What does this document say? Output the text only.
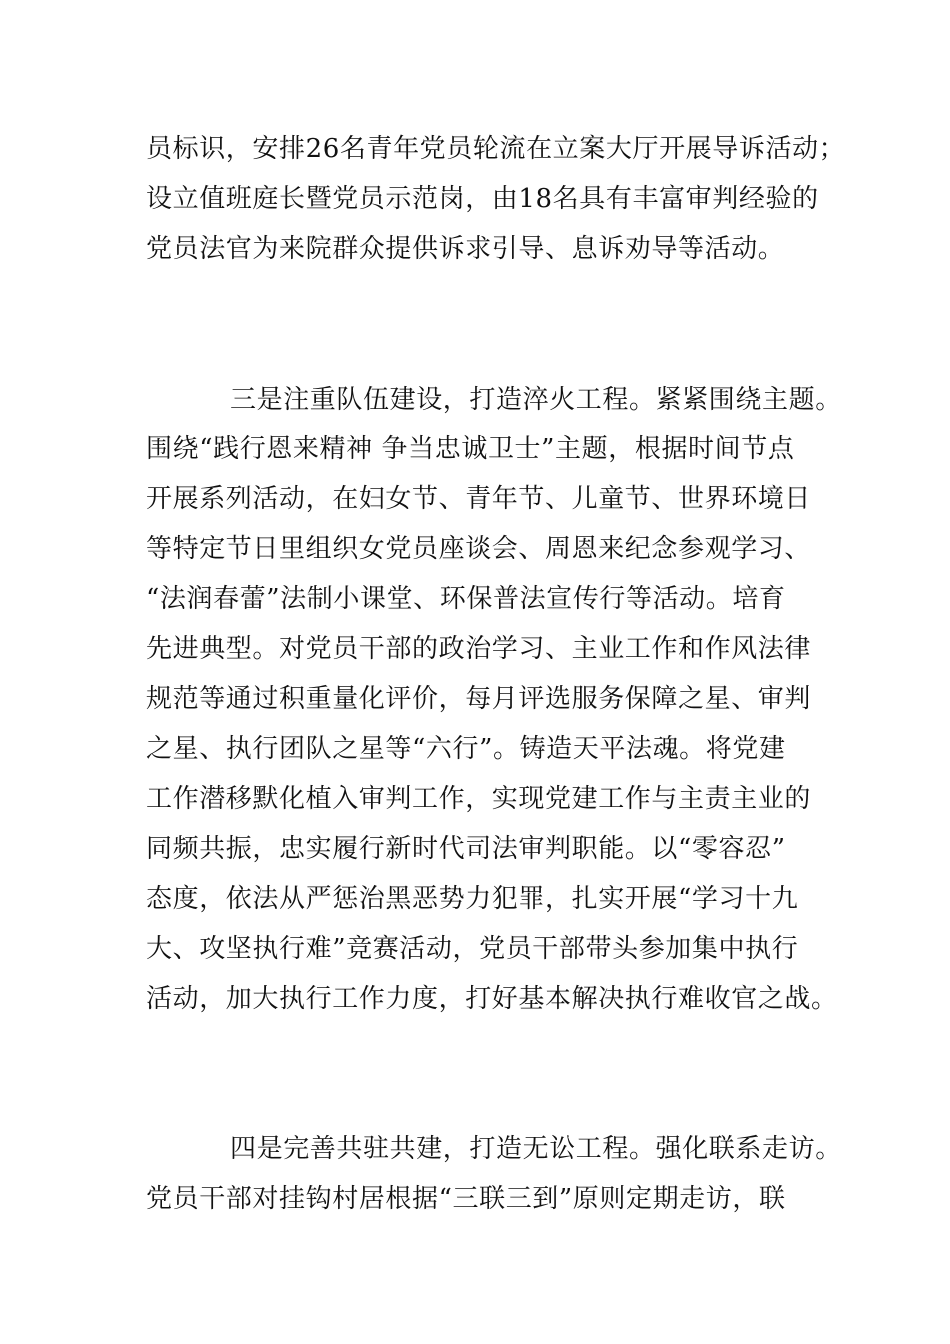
员标识，安排26名青年党员轮流在立案大厅开展导诉活动；
设立值班庭长暨党员示范岗，由18名具有丰富审判经验的
党员法官为来院群众提供诉求引导、息诉劝导等活动。
三是注重队伍建设，打造淬火工程。紧紧围绕主题。
围绕“践行恩来精神 争当忠诚卫士”主题，根据时间节点
开展系列活动，在妇女节、青年节、儿童节、世界环境日
等特定节日里组织女党员座谈会、周恩来纪念参观学习、
“法润春蕾”法制小课堂、环保普法宣传行等活动。培育
先进典型。对党员干部的政治学习、主业工作和作风法律
规范等通过积重量化评价，每月评选服务保障之星、审判
之星、执行团队之星等“六行”。铸造天平法魂。将党建
工作潜移默化植入审判工作，实现党建工作与主责主业的
同频共振，忠实履行新时代司法审判职能。以“零容忍”
态度，依法从严惩治黑恶势力犯罪，扎实开展“学习十九
大、攻坚执行难”竞赛活动，党员干部带头参加集中执行
活动，加大执行工作力度，打好基本解决执行难收官之战。
四是完善共驻共建，打造无讼工程。强化联系走访。
党员干部对挂钩村居根据“三联三到”原则定期走访，联
